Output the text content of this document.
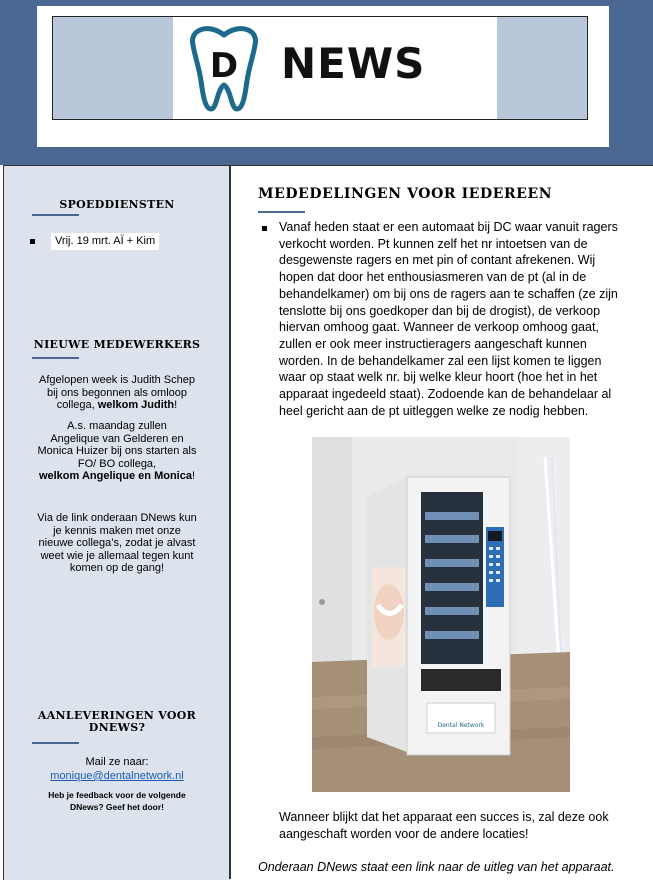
D NEWS
SPOEDDIENSTEN
Vrij. 19 mrt. AÏ + Kim
NIEUWE MEDEWERKERS
Afgelopen week is Judith Schep
bij ons begonnen als omloop
collega, welkom Judith!
A.s. maandag zullen
Angelique van Gelderen en
Monica Huizer bij ons starten als
FO/ BO collega,
welkom Angelique en Monica!
Via de link onderaan DNews kun
je kennis maken met onze
nieuwe collega’s, zodat je alvast
weet wie je allemaal tegen kunt
komen op de gang!
AANLEVERINGEN VOOR
DNEWS?
Mail ze naar:
monique@dentalnetwork.nl
Heb je feedback voor de volgende
DNews? Geef het door!
MEDEDELINGEN VOOR IEDEREEN
Vanaf heden staat er een automaat bij DC waar vanuit ragers
verkocht worden. Pt kunnen zelf het nr intoetsen van de
desgewenste ragers en met pin of contant afrekenen. Wij
hopen dat door het enthousiasmeren van de pt (al in de
behandelkamer) om bij ons de ragers aan te schaffen (ze zijn
tenslotte bij ons goedkoper dan bij de drogist), de verkoop
hiervan omhoog gaat. Wanneer de verkoop omhoog gaat,
zullen er ook meer instructieragers aangeschaft kunnen
worden. In de behandelkamer zal een lijst komen te liggen
waar op staat welk nr. bij welke kleur hoort (hoe het in het
apparaat ingedeeld staat). Zodoende kan de behandelaar al
heel gericht aan de pt uitleggen welke ze nodig hebben.
Dental Network
Wanneer blijkt dat het apparaat een succes is, zal deze ook
aangeschaft worden voor de andere locaties!
Onderaan DNews staat een link naar de uitleg van het apparaat.
